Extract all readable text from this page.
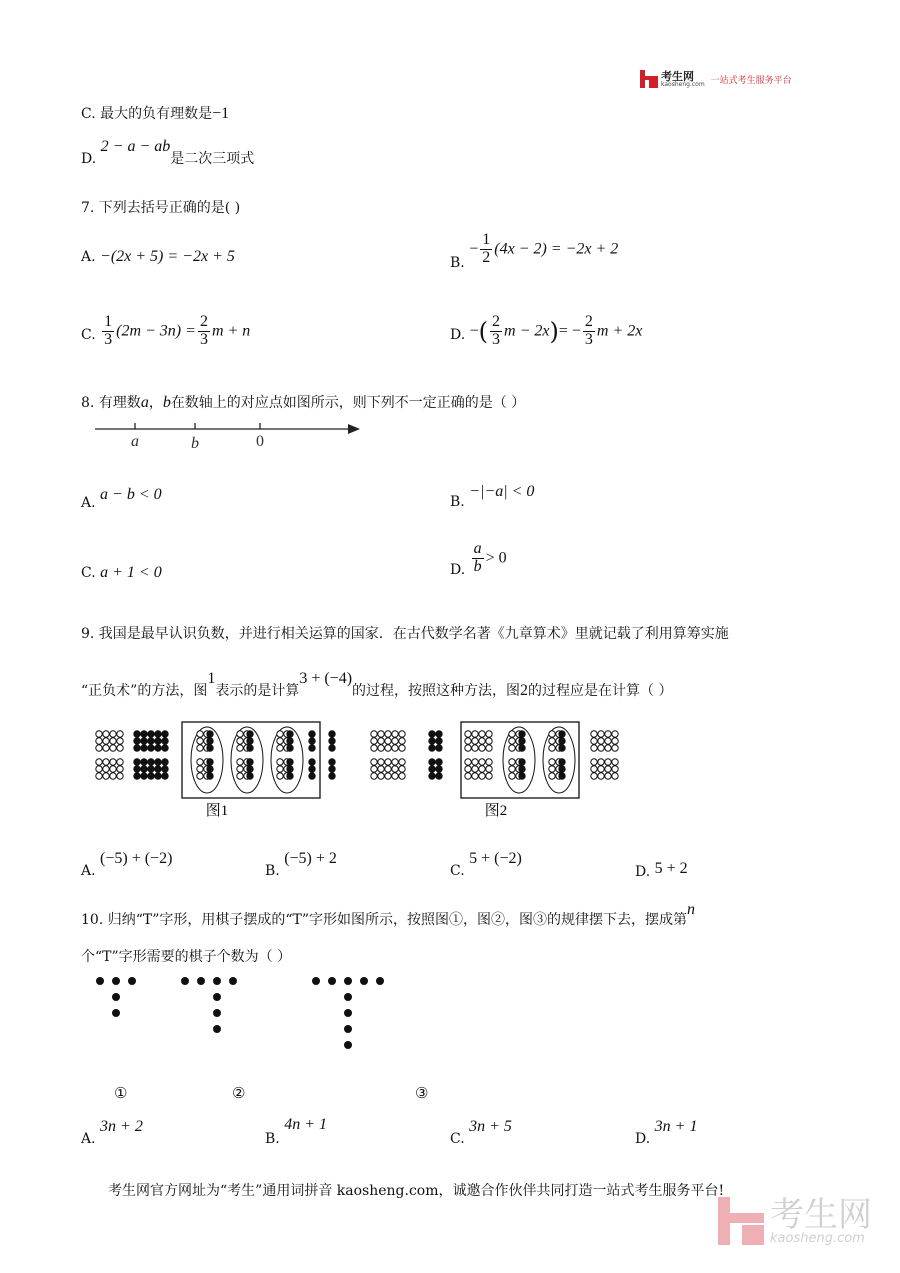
考生网
kaosheng.com 一站式考生服务平台
C. 最大的负有理数是−1
D. 2 − a − ab是二次三项式
7. 下列去括号正确的是( )
A. −(2x + 5) = −2x + 5	B. − $\frac{1}{2} (4x - 2) = -2x + 2$
C. $\frac{1}{3} (2m - 3n) = \frac{2}{3}$ m + n	D. −( $\frac{2}{3}$ $m - 2x)= - \frac{2}{3}$ m + 2x
8. 有理数a，b在数轴上的对应点如图所示，则下列不一定正确的是（ ）
a	b	0
A. a − b < 0	B. −|−a| < 0
C. a + 1 < 0	D. $\frac{a}{b} > 0$
9. 我国是最早认识负数，并进行相关运算的国家．在古代数学名著《九章算术》里就记载了利用算筹实施
“正负术”的方法，图1表示的是计算3 + (−4)的过程，按照这种方法，图2的过程应是在计算（ ）
图1	图2
A. (−5) + (−2)
B. (−5) + 2
C. 5 + (−2)
D. 5 + 2
10. 归纳“T”字形，用棋子摆成的“T”字形如图所示，按照图①，图②，图③的规律摆下去，摆成第n
个“T”字形需要的棋子个数为（ ）
①	②	③
A. 3n + 2
B. 4n + 1
C. 3n + 5
D. 3n + 1
考生网官方网址为“考生”通用词拼音 kaosheng.com，诚邀合作伙伴共同打造一站式考生服务平台!
考生网
kaosheng.com
